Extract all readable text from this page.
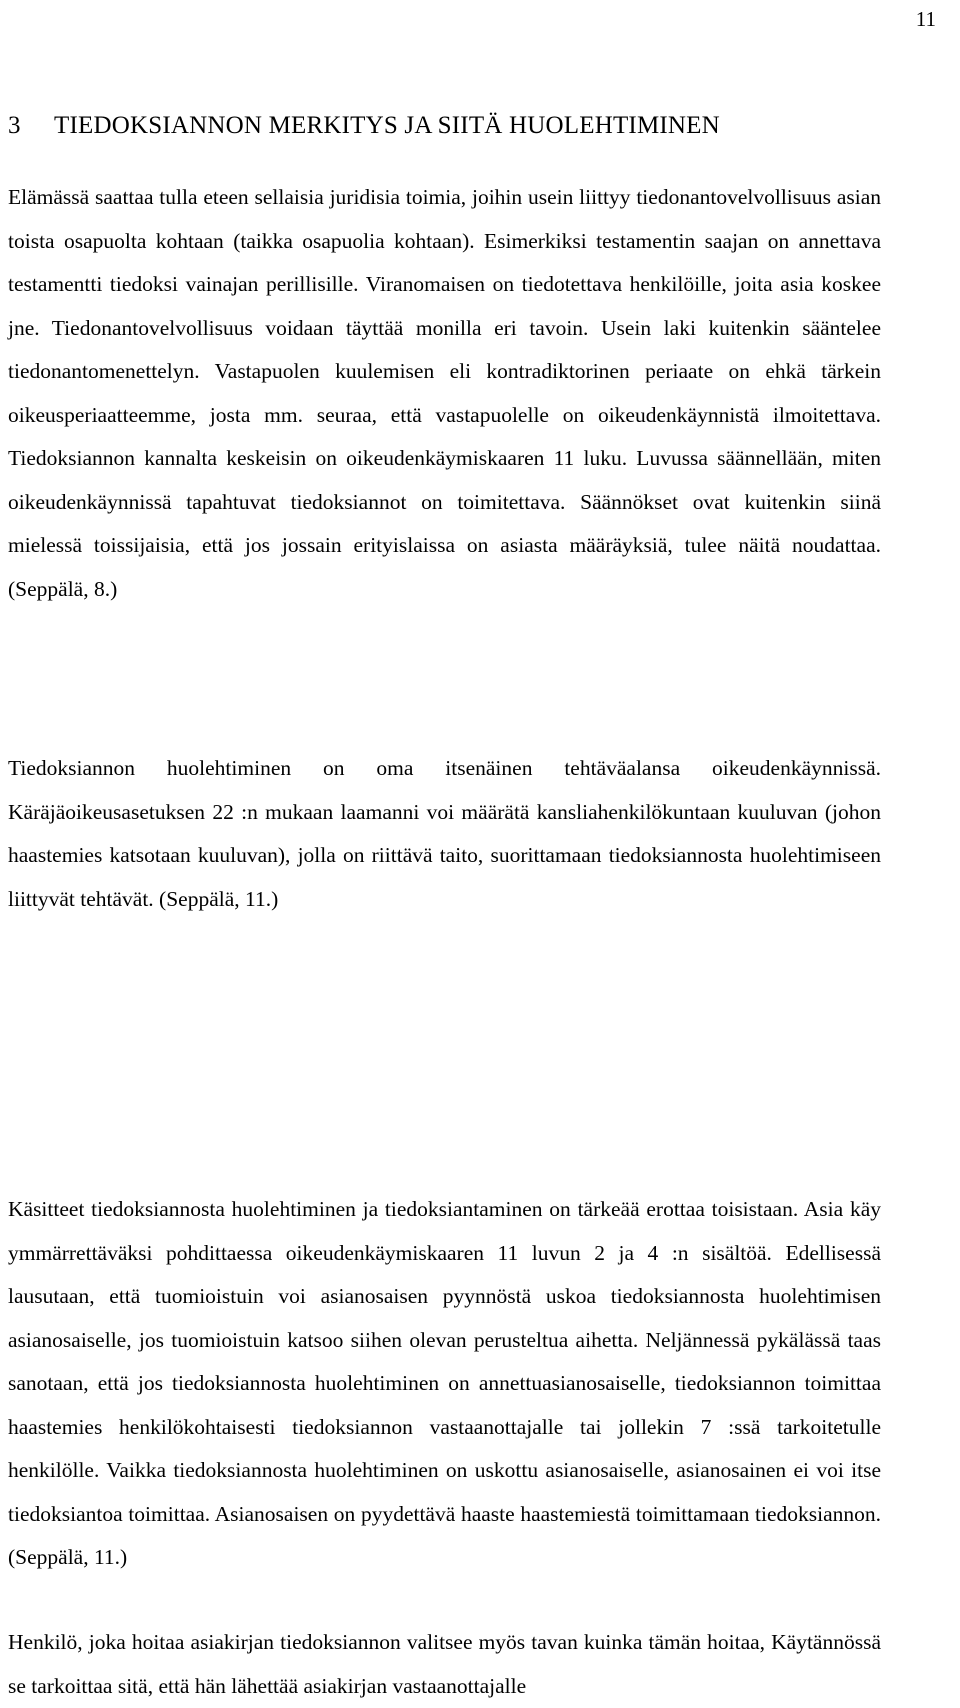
11
3 TIEDOKSIANNON MERKITYS JA SIITÄ HUOLEHTIMINEN

Elämässä saattaa tulla eteen sellaisia juridisia toimia, joihin usein liittyy tiedonantovelvollisuus asian toista osapuolta kohtaan (taikka osapuolia kohtaan). Esimerkiksi testamentin saajan on annettava testamentti tiedoksi vainajan perillisille. Viranomaisen on tiedotettava henkilöille, joita asia koskee jne. Tiedonantovelvollisuus voidaan täyttää monilla eri tavoin. Usein laki kuitenkin sääntelee tiedonantomenettelyn. Vastapuolen kuulemisen eli kontradiktorinen periaate on ehkä tärkein oikeusperiaatteemme, josta mm. seuraa, että vastapuolelle on oikeudenkäynnistä ilmoitettava. Tiedoksiannon kannalta keskeisin on oikeudenkäymiskaaren 11 luku. Luvussa säännellään, miten oikeudenkäynnissä tapahtuvat tiedoksiannot on toimitettava. Säännökset ovat kuitenkin siinä mielessä toissijaisia, että jos jossain erityislaissa on asiasta määräyksiä, tulee näitä noudattaa. (Seppälä, 8.)

Tiedoksiannon huolehtiminen on oma itsenäinen tehtäväalansa oikeudenkäynnissä. Käräjäoikeusasetuksen 22 :n mukaan laamanni voi määrätä kansliahenkilökuntaan kuuluvan (johon haastemies katsotaan kuuluvan), jolla on riittävä taito, suorittamaan tiedoksiannosta huolehtimiseen liittyvät tehtävät. (Seppälä, 11.)

Käsitteet tiedoksiannosta huolehtiminen ja tiedoksiantaminen on tärkeää erottaa toisistaan. Asia käy ymmärrettäväksi pohdittaessa oikeudenkäymiskaaren 11 luvun 2 ja 4 :n sisältöä. Edellisessä lausutaan, että tuomioistuin voi asianosaisen pyynnöstä uskoa tiedoksiannosta huolehtimisen asianosaiselle, jos tuomioistuin katsoo siihen olevan perusteltua aihetta. Neljännessä pykälässä taas sanotaan, että jos tiedoksiannosta huolehtiminen on annettuasianosaiselle, tiedoksiannon toimittaa haastemies henkilökohtaisesti tiedoksiannon vastaanottajalle tai jollekin 7 :ssä tarkoitetulle henkilölle. Vaikka tiedoksiannosta huolehtiminen on uskottu asianosaiselle, asianosainen ei voi itse tiedoksiantoa toimittaa. Asianosaisen on pyydettävä haaste haastemiestä toimittamaan tiedoksiannon. (Seppälä, 11.)

Henkilö, joka hoitaa asiakirjan tiedoksiannon valitsee myös tavan kuinka tämän hoitaa, Käytännössä se tarkoittaa sitä, että hän lähettää asiakirjan vastaanottajalle
